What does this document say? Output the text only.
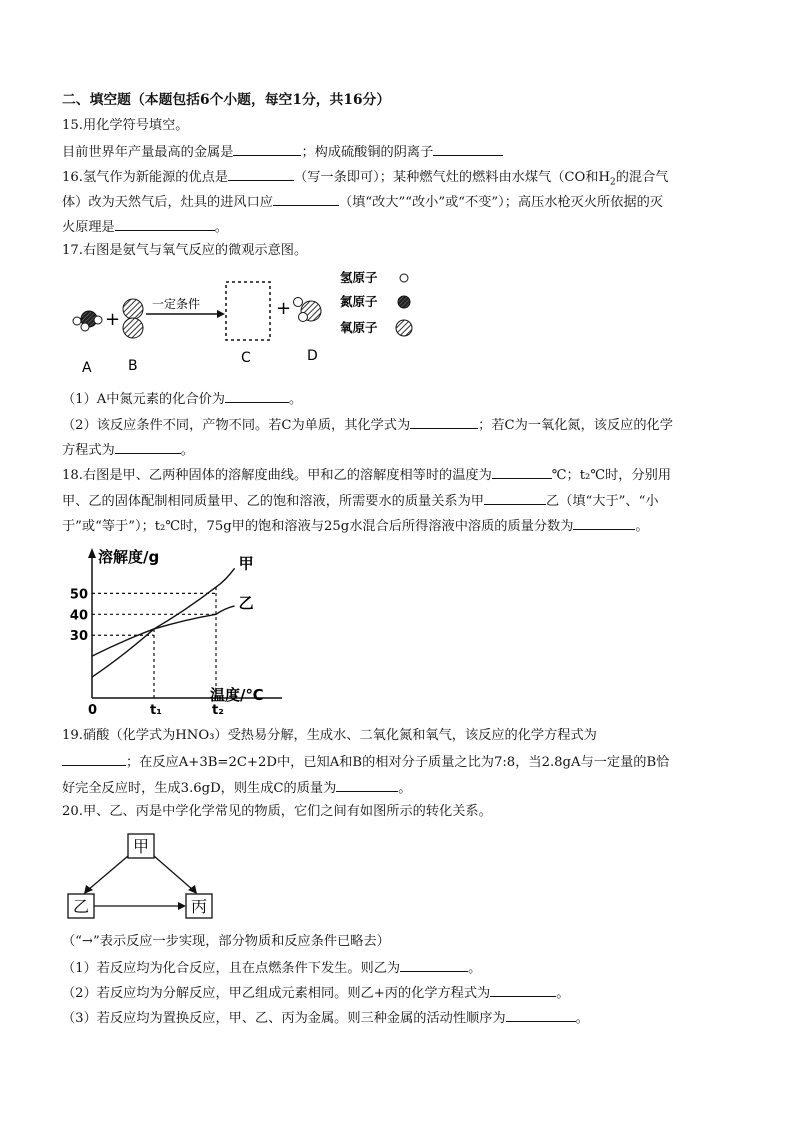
二、填空题（本题包括6个小题，每空1分，共16分）
15.用化学符号填空。
目前世界年产量最高的金属是	；构成硫酸铜的阴离子
16.氢气作为新能源的优点是	（写一条即可）；某种燃气灶的燃料由水煤气（CO和$H_2$的混合气
体）改为天然气后，灶具的进风口应	（填“改大”“改小”或“不变”）；高压水枪灭火所依据的灭
火原理是	。
17.右图是氨气与氧气反应的微观示意图。
+
一定条件	+
A	B	C	D
氢原子
氮原子
氧原子
（1）A中氮元素的化合价为	。
（2）该反应条件不同，产物不同。若C为单质，其化学式为	；若C为一氧化氮，该反应的化学
方程式为	。
18.右图是甲、乙两种固体的溶解度曲线。甲和乙的溶解度相等时的温度为	℃；t₂℃时，分别用
甲、乙的固体配制相同质量甲、乙的饱和溶液，所需要水的质量关系为甲	乙（填“大于”、“小
于”或“等于”）；t₂℃时，75g甲的饱和溶液与25g水混合后所得溶液中溶质的质量分数为	。
溶解度/g
温度/℃
30
40
50
0	t₁	t₂
甲
乙
19.硝酸（化学式为HNO₃）受热易分解，生成水、二氧化氮和氧气，该反应的化学方程式为
；在反应A+3B=2C+2D中，已知A和B的相对分子质量之比为7:8，当2.8gA与一定量的B恰
好完全反应时，生成3.6gD，则生成C的质量为	。
20.甲、乙、丙是中学化学常见的物质，它们之间有如图所示的转化关系。
甲
乙	丙
（“→”表示反应一步实现，部分物质和反应条件已略去）
（1）若反应均为化合反应，且在点燃条件下发生。则乙为	。
（2）若反应均为分解反应，甲乙组成元素相同。则乙+丙的化学方程式为	。
（3）若反应均为置换反应，甲、乙、丙为金属。则三种金属的活动性顺序为	。
